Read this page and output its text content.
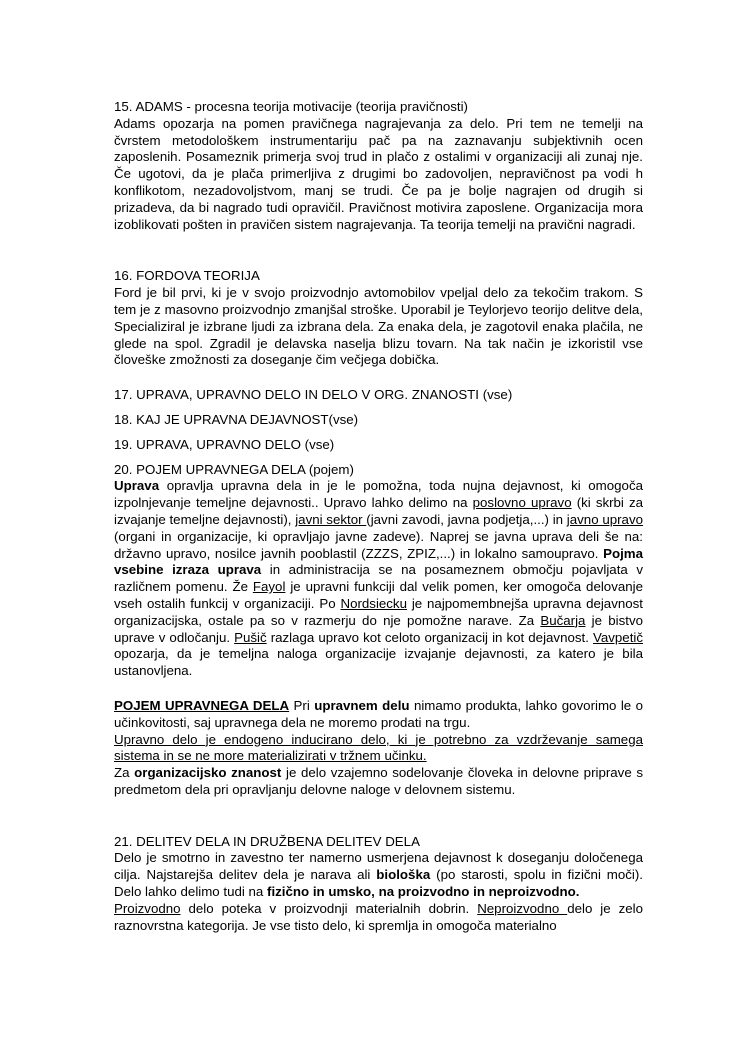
15. ADAMS - procesna teorija motivacije (teorija pravičnosti)

Adams opozarja na pomen pravičnega nagrajevanja za delo. Pri tem ne temelji na čvrstem metodološkem instrumentariju pač pa na zaznavanju subjektivnih ocen zaposlenih. Posameznik primerja svoj trud in plačo z ostalimi v organizaciji ali zunaj nje. Če ugotovi, da je plača primerljiva z drugimi bo zadovoljen, nepravičnost pa vodi h konflikotom, nezadovoljstvom, manj se trudi. Če pa je bolje nagrajen od drugih si prizadeva, da bi nagrado tudi opravičil. Pravičnost motivira zaposlene. Organizacija mora izoblikovati pošten in pravičen sistem nagrajevanja. Ta teorija temelji na pravični nagradi.

16. FORDOVA TEORIJA

Ford je bil prvi, ki je v svojo proizvodnjo avtomobilov vpeljal delo za tekočim trakom. S tem je z masovno proizvodnjo zmanjšal stroške. Uporabil je Teylorjevo teorijo delitve dela, Specializiral je izbrane ljudi za izbrana dela. Za enaka dela, je zagotovil enaka plačila, ne glede na spol. Zgradil je delavska naselja blizu tovarn. Na tak način je izkoristil vse človeške zmožnosti za doseganje čim večjega dobička.

17. UPRAVA, UPRAVNO DELO IN DELO V ORG. ZNANOSTI (vse)

18. KAJ JE UPRAVNA DEJAVNOST(vse)

19. UPRAVA, UPRAVNO DELO (vse)

20. POJEM UPRAVNEGA DELA (pojem)

Uprava opravlja upravna dela in je le pomožna, toda nujna dejavnost, ki omogoča izpolnjevanje temeljne dejavnosti.. Upravo lahko delimo na poslovno upravo (ki skrbi za izvajanje temeljne dejavnosti), javni sektor (javni zavodi, javna podjetja,...) in javno upravo (organi in organizacije, ki opravljajo javne zadeve). Naprej se javna uprava deli še na: državno upravo, nosilce javnih pooblastil (ZZZS, ZPIZ,...) in lokalno samoupravo. Pojma vsebine izraza uprava in administracija se na posameznem območju pojavljata v različnem pomenu. Že Fayol je upravni funkciji dal velik pomen, ker omogoča delovanje vseh ostalih funkcij v organizaciji. Po Nordsiecku je najpomembnejša upravna dejavnost organizacijska, ostale pa so v razmerju do nje pomožne narave. Za Bučarja je bistvo uprave v odločanju. Pušič razlaga upravo kot celoto organizacij in kot dejavnost. Vavpetič opozarja, da je temeljna naloga organizacije izvajanje dejavnosti, za katero je bila ustanovljena.

POJEM UPRAVNEGA DELA Pri upravnem delu nimamo produkta, lahko govorimo le o učinkovitosti, saj upravnega dela ne moremo prodati na trgu.

Upravno delo je endogeno inducirano delo, ki je potrebno za vzdrževanje samega sistema in se ne more materializirati v tržnem učinku.

Za organizacijsko znanost je delo vzajemno sodelovanje človeka in delovne priprave s predmetom dela pri opravljanju delovne naloge v delovnem sistemu.

21. DELITEV DELA IN DRUŽBENA DELITEV DELA

Delo je smotrno in zavestno ter namerno usmerjena dejavnost k doseganju določenega cilja. Najstarejša delitev dela je narava ali biološka (po starosti, spolu in fizični moči). Delo lahko delimo tudi na fizično in umsko, na proizvodno in neproizvodno.

Proizvodno delo poteka v proizvodnji materialnih dobrin. Neproizvodno delo je zelo raznovrstna kategorija. Je vse tisto delo, ki spremlja in omogoča materialno
